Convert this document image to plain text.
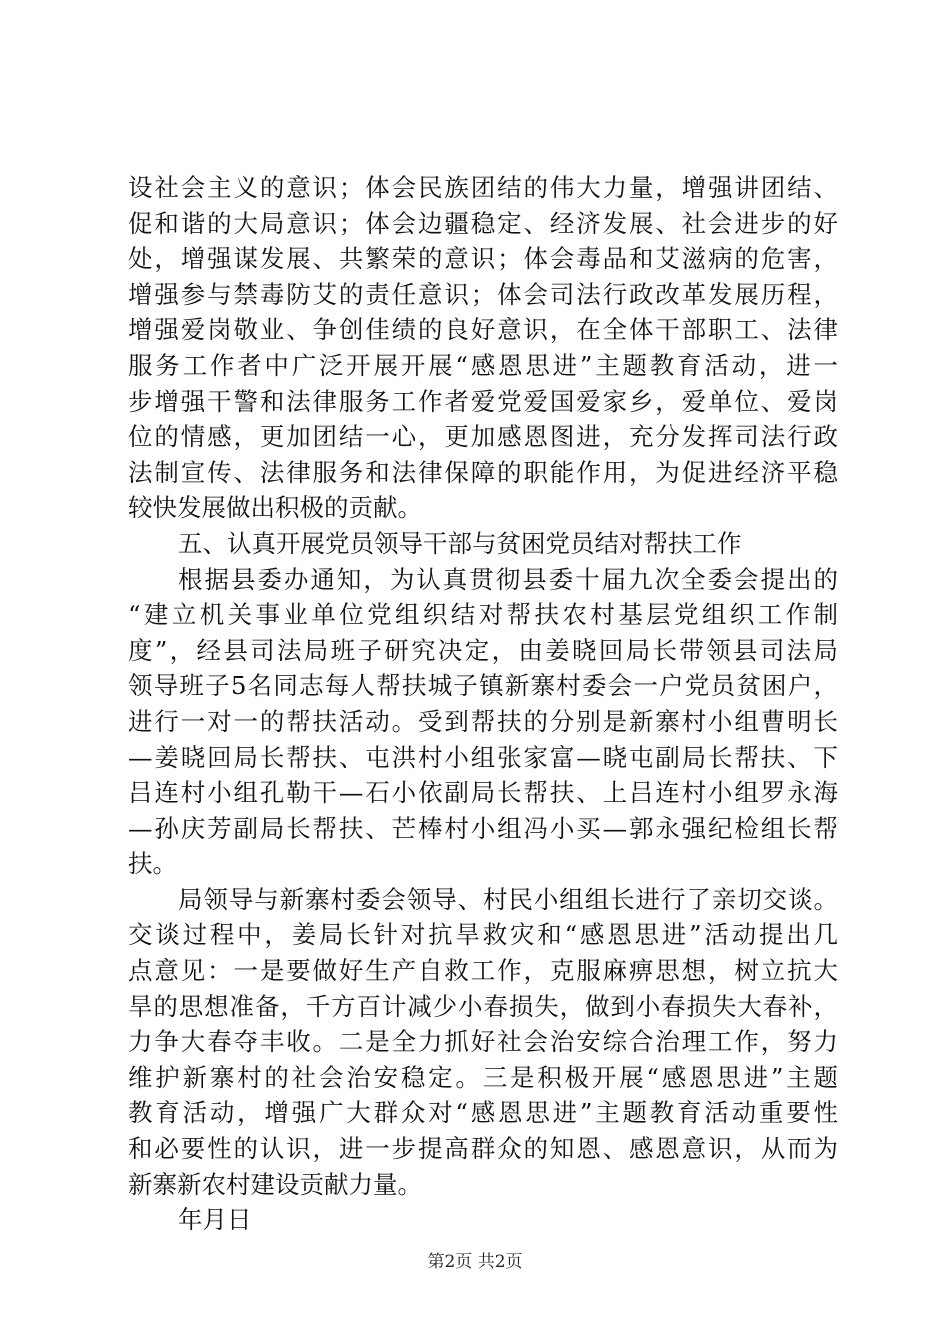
设社会主义的意识；体会民族团结的伟大力量，增强讲团结、
促和谐的大局意识；体会边疆稳定、经济发展、社会进步的好
处，增强谋发展、共繁荣的意识；体会毒品和艾滋病的危害，
增强参与禁毒防艾的责任意识；体会司法行政改革发展历程，
增强爱岗敬业、争创佳绩的良好意识，在全体干部职工、法律
服务工作者中广泛开展开展“感恩思进”主题教育活动，进一
步增强干警和法律服务工作者爱党爱国爱家乡，爱单位、爱岗
位的情感，更加团结一心，更加感恩图进，充分发挥司法行政
法制宣传、法律服务和法律保障的职能作用，为促进经济平稳
较快发展做出积极的贡献。
五、认真开展党员领导干部与贫困党员结对帮扶工作
根据县委办通知，为认真贯彻县委十届九次全委会提出的
“建立机关事业单位党组织结对帮扶农村基层党组织工作制
度”，经县司法局班子研究决定，由姜晓回局长带领县司法局
领导班子5名同志每人帮扶城子镇新寨村委会一户党员贫困户，
进行一对一的帮扶活动。受到帮扶的分别是新寨村小组曹明长
—姜晓回局长帮扶、屯洪村小组张家富—晓屯副局长帮扶、下
吕连村小组孔勒干—石小依副局长帮扶、上吕连村小组罗永海
—孙庆芳副局长帮扶、芒棒村小组冯小买—郭永强纪检组长帮
扶。
局领导与新寨村委会领导、村民小组组长进行了亲切交谈。
交谈过程中，姜局长针对抗旱救灾和“感恩思进”活动提出几
点意见：一是要做好生产自救工作，克服麻痹思想，树立抗大
旱的思想准备，千方百计减少小春损失，做到小春损失大春补，
力争大春夺丰收。二是全力抓好社会治安综合治理工作，努力
维护新寨村的社会治安稳定。三是积极开展“感恩思进”主题
教育活动，增强广大群众对“感恩思进”主题教育活动重要性
和必要性的认识，进一步提高群众的知恩、感恩意识，从而为
新寨新农村建设贡献力量。
年月日
第2页 共2页
